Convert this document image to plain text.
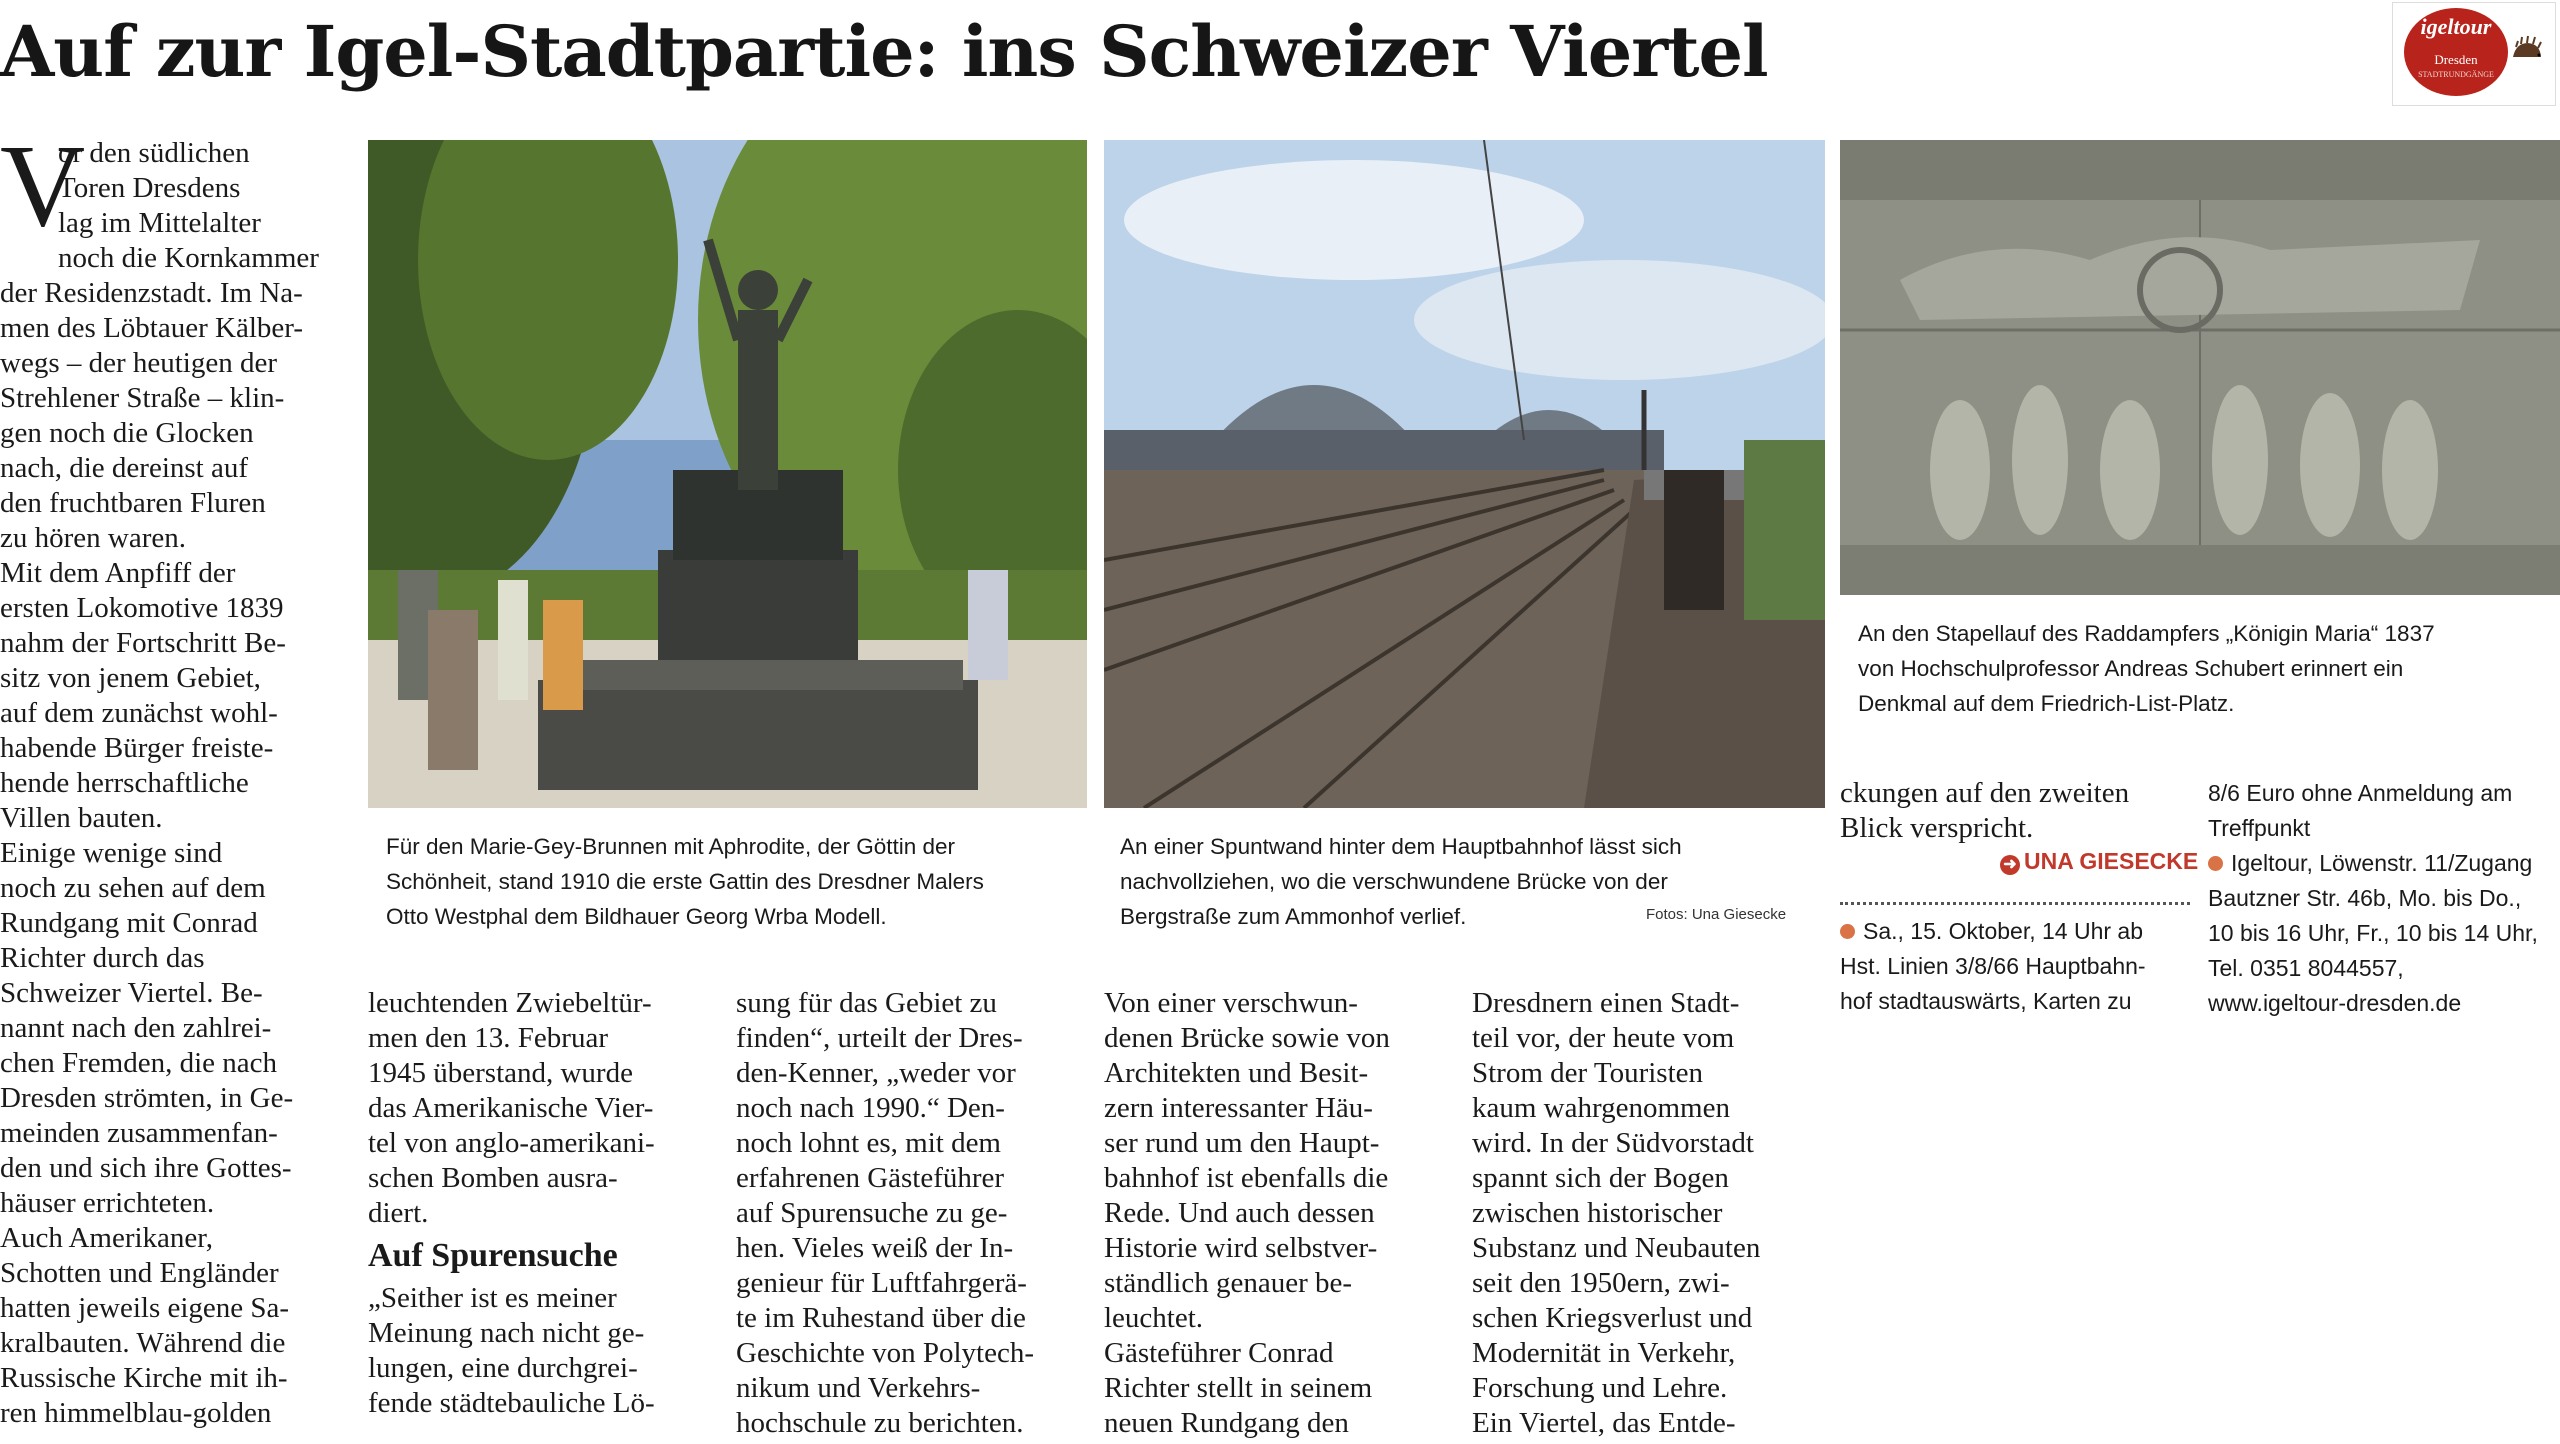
Auf zur Igel-Stadtpartie: ins Schweizer Viertel	igeltour
Dresden
STADTRUNDGÄNGE
V
or den südlichen
Toren Dresdens
lag im Mittelalter
noch die Kornkammer
der Residenzstadt. Im Na-
men des Löbtauer Kälber-
wegs – der heutigen der
Strehlener Straße – klin-
gen noch die Glocken
nach, die dereinst auf
den fruchtbaren Fluren
zu hören waren.
Mit dem Anpfiff der
ersten Lokomotive 1839
nahm der Fortschritt Be-
sitz von jenem Gebiet,
auf dem zunächst wohl-
habende Bürger freiste-
hende herrschaftliche
Villen bauten.
Einige wenige sind
noch zu sehen auf dem
Rundgang mit Conrad
Richter durch das
Schweizer Viertel. Be-
nannt nach den zahlrei-
chen Fremden, die nach
Dresden strömten, in Ge-
meinden zusammenfan-
den und sich ihre Gottes-
häuser errichteten.
Auch Amerikaner,
Schotten und Engländer
hatten jeweils eigene Sa-
kralbauten. Während die
Russische Kirche mit ih-
ren himmelblau-golden
Für den Marie-Gey-Brunnen mit Aphrodite, der Göttin der
Schönheit, stand 1910 die erste Gattin des Dresdner Malers
Otto Westphal dem Bildhauer Georg Wrba Modell.
An einer Spuntwand hinter dem Hauptbahnhof lässt sich
nachvollziehen, wo die verschwundene Brücke von der
Bergstraße zum Ammonhof verlief.	Fotos: Una Giesecke
An den Stapellauf des Raddampfers „Königin Maria“ 1837
von Hochschulprofessor Andreas Schubert erinnert ein
Denkmal auf dem Friedrich-List-Platz.
leuchtenden Zwiebeltür-
men den 13. Februar
1945 überstand, wurde
das Amerikanische Vier-
tel von anglo-amerikani-
schen Bomben ausra-
diert.
Auf Spurensuche
„Seither ist es meiner
Meinung nach nicht ge-
lungen, eine durchgrei-
fende städtebauliche Lö-
sung für das Gebiet zu
finden“, urteilt der Dres-
den-Kenner, „weder vor
noch nach 1990.“ Den-
noch lohnt es, mit dem
erfahrenen Gästeführer
auf Spurensuche zu ge-
hen. Vieles weiß der In-
genieur für Luftfahrgerä-
te im Ruhestand über die
Geschichte von Polytech-
nikum und Verkehrs-
hochschule zu berichten.
Von einer verschwun-
denen Brücke sowie von
Architekten und Besit-
zern interessanter Häu-
ser rund um den Haupt-
bahnhof ist ebenfalls die
Rede. Und auch dessen
Historie wird selbstver-
ständlich genauer be-
leuchtet.
Gästeführer Conrad
Richter stellt in seinem
neuen Rundgang den
Dresdnern einen Stadt-
teil vor, der heute vom
Strom der Touristen
kaum wahrgenommen
wird. In der Südvorstadt
spannt sich der Bogen
zwischen historischer
Substanz und Neubauten
seit den 1950ern, zwi-
schen Kriegsverlust und
Modernität in Verkehr,
Forschung und Lehre.
Ein Viertel, das Entde-
ckungen auf den zweiten
Blick verspricht.
➜ UNA GIESECKE
Sa., 15. Oktober, 14 Uhr ab
Hst. Linien 3/8/66 Hauptbahn-
hof stadtauswärts, Karten zu
8/6 Euro ohne Anmeldung am
Treffpunkt
Igeltour, Löwenstr. 11/Zugang
Bautzner Str. 46b, Mo. bis Do.,
10 bis 16 Uhr, Fr., 10 bis 14 Uhr,
Tel. 0351 8044557,
www.igeltour-dresden.de
